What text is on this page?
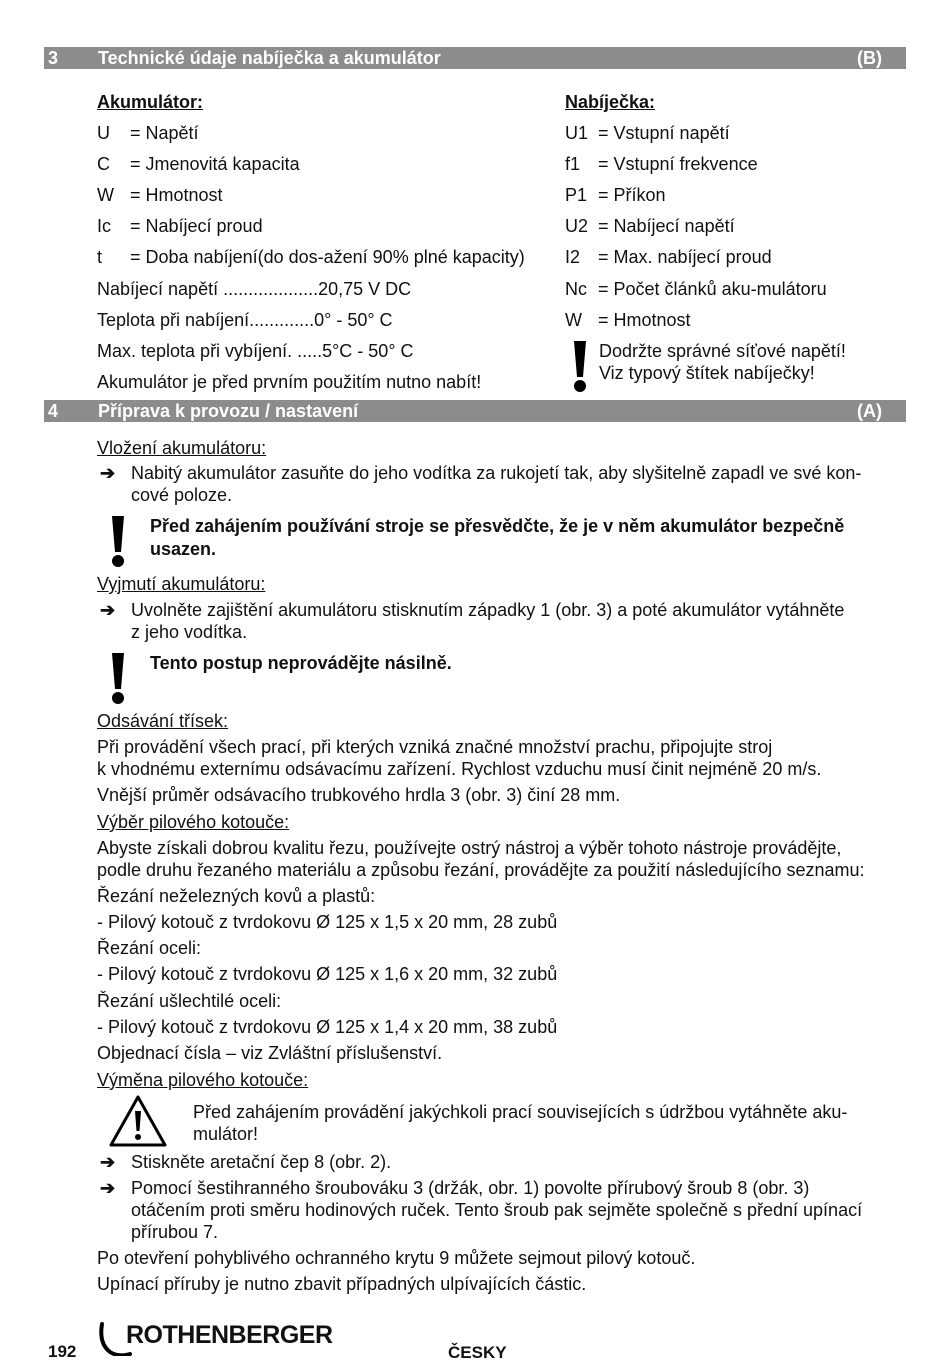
3 Technické údaje nabíječka a akumulátor	(B)
Akumulátor:
U = Napětí
C = Jmenovitá kapacita
W = Hmotnost
Ic = Nabíjecí proud
t = Doba nabíjení(do dos-ažení 90% plné kapacity)
Nabíjecí napětí ...................20,75 V DC
Teplota při nabíjení.............0° - 50° C
Max. teplota při vybíjení. .....5°C - 50° C
Akumulátor je před prvním použitím nutno nabít!
Nabíječka:
U1 = Vstupní napětí
f1 = Vstupní frekvence
P1 = Příkon
U2 = Nabíjecí napětí
I2 = Max. nabíjecí proud
Nc = Počet článků aku-mulátoru
W = Hmotnost
Dodržte správné síťové napětí!
Viz typový štítek nabíječky!
4 Příprava k provozu / nastavení	(A)
Vložení akumulátoru:
➔ Nabitý akumulátor zasuňte do jeho vodítka za rukojetí tak, aby slyšitelně zapadl ve své kon-
cové poloze.
Před zahájením používání stroje se přesvědčte, že je v něm akumulátor bezpečně
usazen.
Vyjmutí akumulátoru:
➔ Uvolněte zajištění akumulátoru stisknutím západky 1 (obr. 3) a poté akumulátor vytáhněte
z jeho vodítka.
Tento postup neprovádějte násilně.
Odsávání třísek:
Při provádění všech prací, při kterých vzniká značné množství prachu, připojujte stroj
k vhodnému externímu odsávacímu zařízení. Rychlost vzduchu musí činit nejméně 20 m/s.
Vnější průměr odsávacího trubkového hrdla 3 (obr. 3) činí 28 mm.
Výběr pilového kotouče:
Abyste získali dobrou kvalitu řezu, používejte ostrý nástroj a výběr tohoto nástroje provádějte,
podle druhu řezaného materiálu a způsobu řezání, provádějte za použití následujícího seznamu:
Řezání neželezných kovů a plastů:
- Pilový kotouč z tvrdokovu Ø 125 x 1,5 x 20 mm, 28 zubů
Řezání oceli:
- Pilový kotouč z tvrdokovu Ø 125 x 1,6 x 20 mm, 32 zubů
Řezání ušlechtilé oceli:
- Pilový kotouč z tvrdokovu Ø 125 x 1,4 x 20 mm, 38 zubů
Objednací čísla – viz Zvláštní příslušenství.
Výměna pilového kotouče:
Před zahájením provádění jakýchkoli prací souvisejících s údržbou vytáhněte aku-
mulátor!
➔ Stiskněte aretační čep 8 (obr. 2).
➔ Pomocí šestihranného šroubováku 3 (držák, obr. 1) povolte přírubový šroub 8 (obr. 3)
otáčením proti směru hodinových ruček. Tento šroub pak sejměte společně s přední upínací
přírubou 7.
Po otevření pohyblivého ochranného krytu 9 můžete sejmout pilový kotouč.
Upínací příruby je nutno zbavit případných ulpívajících částic.
192
ROTHENBERGER
ČESKY
